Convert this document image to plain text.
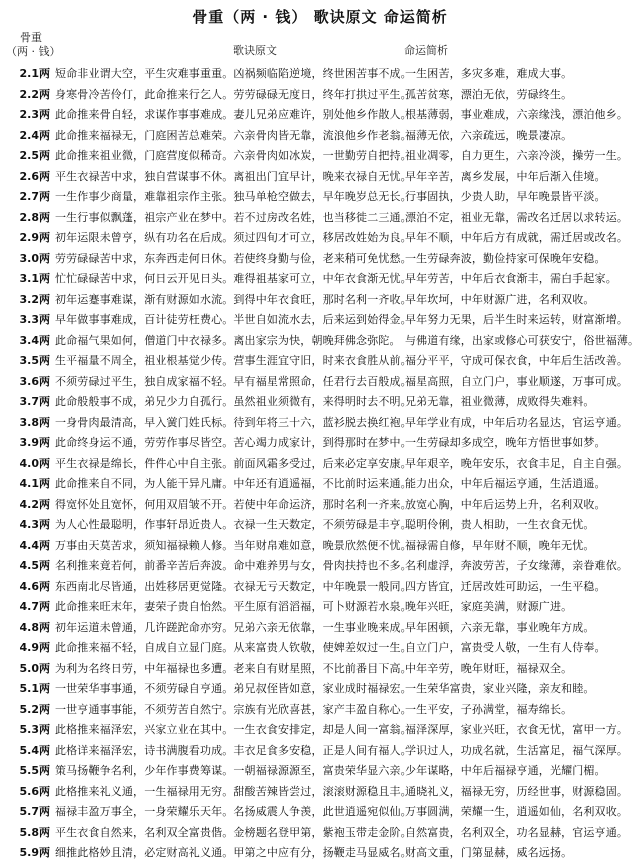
骨重（两 · 钱） 歌诀原文 命运简析
骨重
（两 · 钱）	歌诀原文	命运简析
2.1两 短命非业谓大空，平生灾难事重重。凶祸频临陷逆境，终世困苦事不成。
一生困苦，多灾多难，难成大事。
2.2两 身寒骨冷苦伶仃，此命推来行乞人。劳劳碌碌无度日，终年打拱过平生。
孤苦贫寒，漂泊无依，劳碌终生。
2.3两 此命推来骨自轻，求谋作事事难成。妻儿兄弟应难许，别处他乡作散人。
根基薄弱，事业难成，六亲缘浅，漂泊他乡。
2.4两 此命推来福禄无，门庭困苦总难荣。六亲骨肉皆无靠，流浪他乡作老翁。
福薄无依，六亲疏远，晚景凄凉。
2.5两 此命推来祖业微，门庭营度似稀奇。六亲骨肉如冰炭，一世勤劳自把持。
祖业凋零，自力更生，六亲冷淡，操劳一生。
2.6两 平生衣禄苦中求，独自营谋事不休。离祖出门宜早计，晚来衣禄自无忧。
早年辛苦，离乡发展，中年后渐入佳境。
2.7两 一生作事少商量，难靠祖宗作主张。独马单枪空做去，早年晚岁总无长。
行事固执，少贵人助，早年晚景皆平淡。
2.8两 一生行事似飘蓬，祖宗产业在梦中。若不过房改名姓，也当移徙二三通。
漂泊不定，祖业无靠，需改名迁居以求转运。
2.9两 初年运限未曾亨，纵有功名在后成。须过四旬才可立，移居改姓始为良。
早年不顺，中年后方有成就，需迁居或改名。
3.0两 劳劳碌碌苦中求，东奔西走何日休。若使终身勤与俭，老来稍可免忧愁。
一生劳碌奔波，勤俭持家可保晚年安稳。
3.1两 忙忙碌碌苦中求，何日云开见日头。难得祖基家可立，中年衣食渐无忧。
早年劳苦，中年后衣食渐丰，需白手起家。
3.2两 初年运蹇事难谋，渐有财源如水流。到得中年衣食旺，那时名利一齐收。
早年坎坷，中年财源广进，名利双收。
3.3两 早年做事事难成，百计徒劳枉费心。半世自如流水去，后来运到始得金。
早年努力无果，后半生时来运转，财富渐增。
3.4两 此命福气果如何，僧道门中衣禄多。离出家宗为快，朝晚拜佛念弥陀。 与佛道有缘，出家或修心可获安宁，俗世福薄。
3.5两 生平福量不周全，祖业根基觉少传。营事生涯宜守旧，时来衣食胜从前。
福分平平，守成可保衣食，中年后生活改善。
3.6两 不须劳碌过平生，独自成家福不轻。早有福星常照命，任君行去百般成。
福星高照，自立门户，事业顺遂，万事可成。
3.7两 此命般般事不成，弟兄少力自孤行。虽然祖业须微有，来得明时去不明。
兄弟无靠，祖业微薄，成败得失难料。
3.8两 一身骨肉最清高，早入黉门姓氏标。待到年将三十六，蓝衫脱去换红袍。
早年学业有成，中年后功名显达，官运亨通。
3.9两 此命终身运不通，劳劳作事尽皆空。苦心竭力成家计，到得那时在梦中。
一生劳碌却多成空，晚年方悟世事如梦。
4.0两 平生衣禄是绵长，件件心中自主张。前面风霜多受过，后来必定享安康。
早年艰辛，晚年安乐，衣食丰足，自主自强。
4.1两 此命推来自不同，为人能干异凡庸。中年还有逍遥福，不比前时运来通。
能力出众，中年后福运亨通，生活逍遥。
4.2两 得宽怀处且宽怀，何用双眉皱不开。若使中年命运济，那时名利一齐来。
放宽心胸，中年后运势上升，名利双收。
4.3两 为人心性最聪明，作事轩昂近贵人。衣禄一生天数定，不须劳碌是丰亨。
聪明伶俐，贵人相助，一生衣食无忧。
4.4两 万事由天莫苦求，须知福禄赖人修。当年财帛难如意，晚景欣然便不忧。
福禄需自修，早年财不顺，晚年无忧。
4.5两 名利推来竟若何，前番辛苦后奔波。命中难养男与女，骨肉扶持也不多。
名利虚浮，奔波劳苦，子女缘薄，亲眷难依。
4.6两 东西南北尽皆通，出姓移居更觉隆。衣禄无亏天数定，中年晚景一般同。
四方皆宜，迁居改姓可助运，一生平稳。
4.7两 此命推来旺末年，妻荣子贵自怡然。平生原有滔滔福，可卜财源若水泉。
晚年兴旺，家庭美满，财源广进。
4.8两 初年运道未曾通，几许蹉跎命亦穷。兄弟六亲无依靠，一生事业晚来成。
早年困顿，六亲无靠，事业晚年方成。
4.9两 此命推来福不轻，自成自立显门庭。从来富贵人钦敬，使婢差奴过一生。
自立门户，富贵受人敬，一生有人侍奉。
5.0两 为利为名终日劳，中年福禄也多遭。老来自有财星照，不比前番目下高。
中年辛劳，晚年财旺，福禄双全。
5.1两 一世荣华事事通，不须劳碌自亨通。弟兄叔侄皆如意，家业成时福禄宏。
一生荣华富贵，家业兴隆，亲友和睦。
5.2两 一世亨通事事能，不须劳苦自然宁。宗族有光欣喜甚，家产丰盈自称心。
一生平安，子孙满堂，福寿绵长。
5.3两 此格推来福泽宏，兴家立业在其中。一生衣食安排定，却是人间一富翁。
福泽深厚，家业兴旺，衣食无忧，富甲一方。
5.4两 此格详来福泽宏，诗书满腹看功成。丰衣足食多安稳，正是人间有福人。
学识过人，功成名就，生活富足，福气深厚。
5.5两 策马扬鞭争名利，少年作事费筹谋。一朝福禄源源至，富贵荣华显六亲。
少年谋略，中年后福禄亨通，光耀门楣。
5.6两 此格推来礼义通，一生福禄用无穷。甜酸苦辣皆尝过，滚滚财源稳且丰。
通晓礼义，福禄无穷，历经世事，财源稳固。
5.7两 福禄丰盈万事全，一身荣耀乐天年。名扬威震人争羡，此世逍遥宛似仙。
万事圆满，荣耀一生，逍遥如仙，名利双收。
5.8两 平生衣食自然来，名利双全富贵偕。金榜题名登甲第，紫袍玉带走金阶。
自然富贵，名利双全，功名显赫，官运亨通。
5.9两 细推此格妙且清，必定财高礼义通。甲第之中应有分，扬鞭走马显威名。
财高文重，门第显赫，威名远扬。
